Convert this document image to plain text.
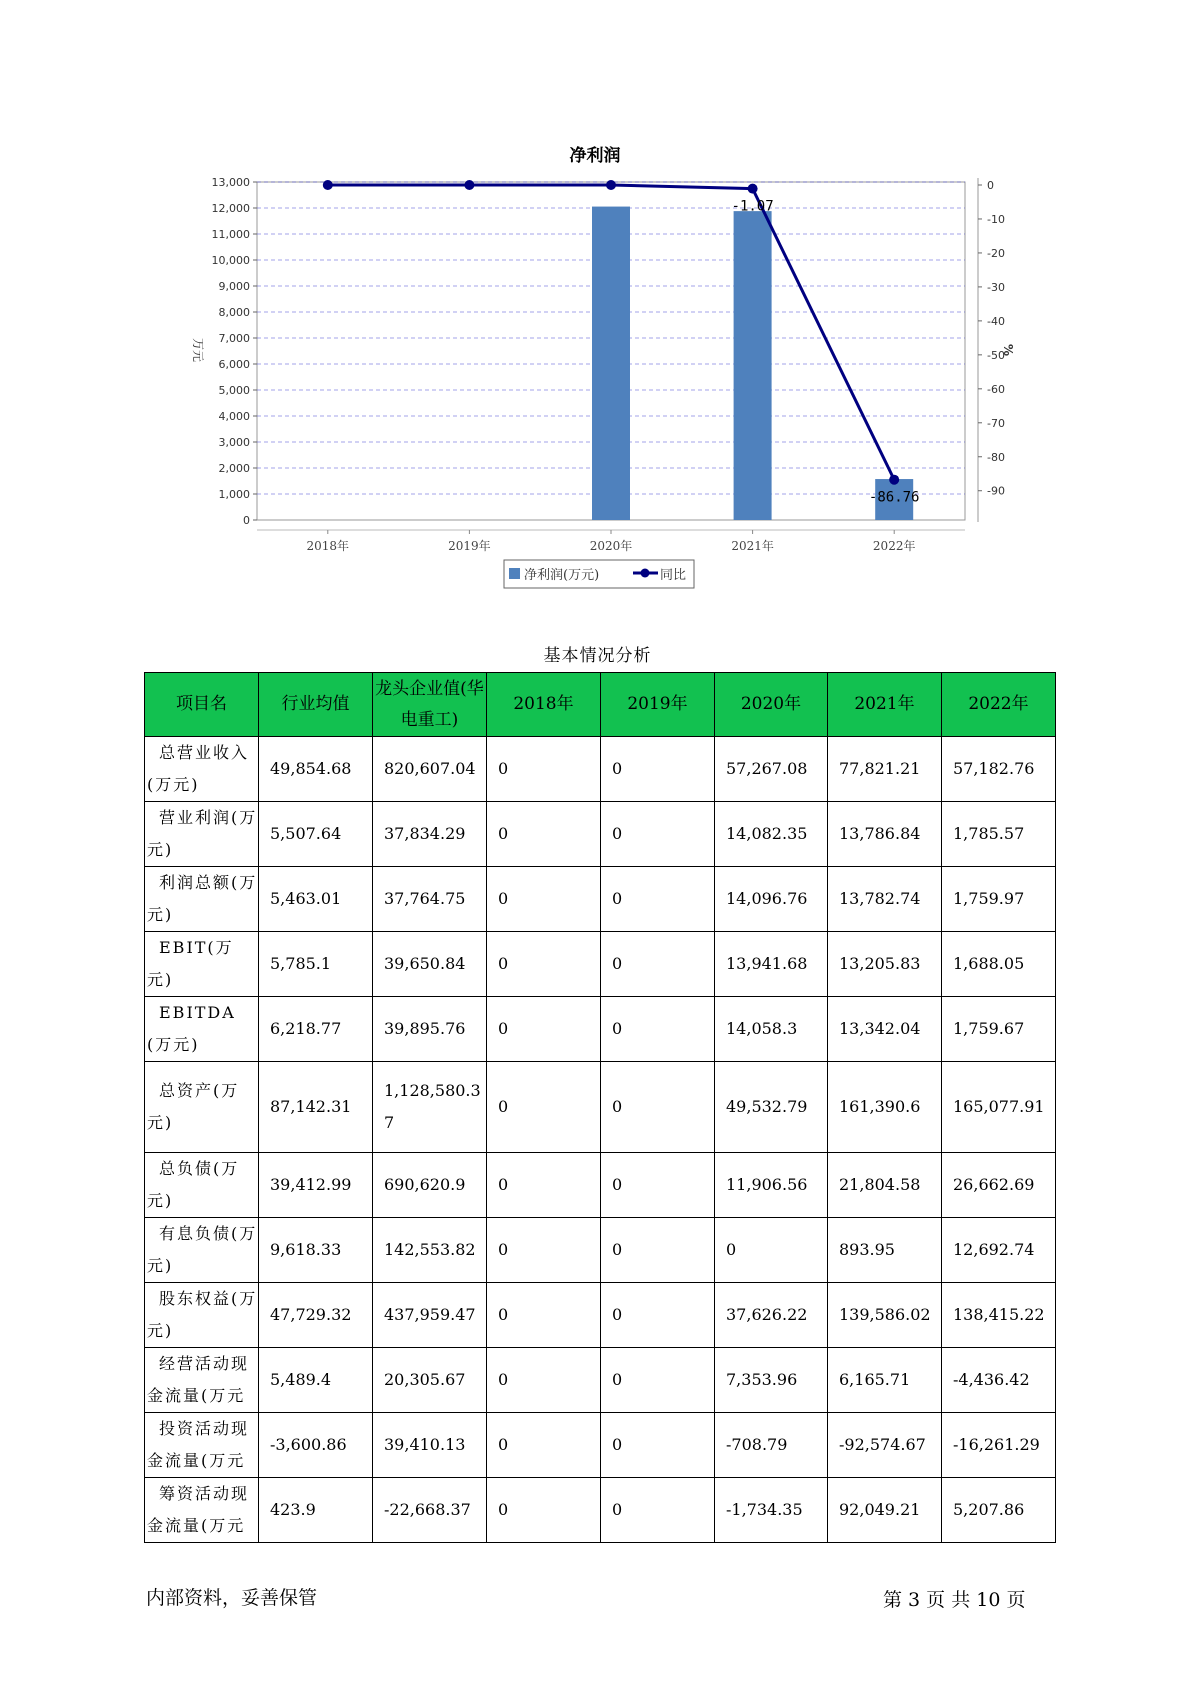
净利润
万元	%
0
1,000
2,000
3,000
4,000
5,000
6,000
7,000
8,000
9,000
10,000
11,000
12,000
13,000	0
-10
-20
-30
-40
-50
-60
-70
-80
-90
2018年	2019年	2020年	2021年	2022年
-1.07
-86.76
净利润(万元)	同比
基本情况分析
项目名	行业均值	龙头企业值(华电重工)	2018年	2019年	2020年	2021年	2022年
总营业收入(万元)	49,854.68	820,607.04	0	0	57,267.08	77,821.21	57,182.76
营业利润(万元)	5,507.64	37,834.29	0	0	14,082.35	13,786.84	1,785.57
利润总额(万元)	5,463.01	37,764.75	0	0	14,096.76	13,782.74	1,759.97
EBIT(万元)	5,785.1	39,650.84	0	0	13,941.68	13,205.83	1,688.05
EBITDA(万元)	6,218.77	39,895.76	0	0	14,058.3	13,342.04	1,759.67
总资产(万元)	87,142.31	1,128,580.37	0	0	49,532.79	161,390.6	165,077.91
总负债(万元)	39,412.99	690,620.9	0	0	11,906.56	21,804.58	26,662.69
有息负债(万元)	9,618.33	142,553.82	0	0	0	893.95	12,692.74
股东权益(万元)	47,729.32	437,959.47	0	0	37,626.22	139,586.02	138,415.22
经营活动现金流量(万元	5,489.4	20,305.67	0	0	7,353.96	6,165.71	-4,436.42
投资活动现金流量(万元	-3,600.86	39,410.13	0	0	-708.79	-92,574.67	-16,261.29
筹资活动现金流量(万元	423.9	-22,668.37	0	0	-1,734.35	92,049.21	5,207.86
内部资料，妥善保管	第 3 页 共 10 页
